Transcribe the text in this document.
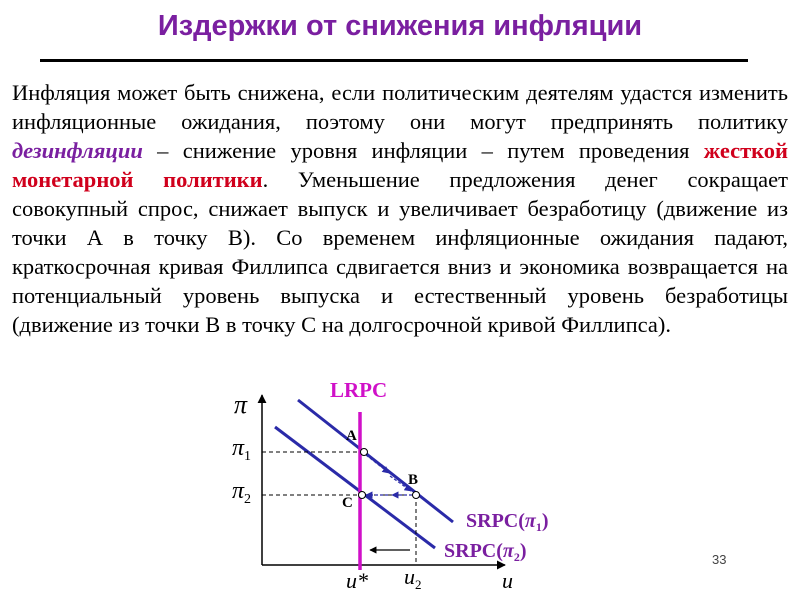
Издержки от снижения инфляции

Инфляция может быть снижена, если политическим деятелям удастся изменить инфляционные ожидания, поэтому они могут предпринять политику дезинфляции – снижение уровня инфляции – путем проведения жесткой монетарной политики. Уменьшение предложения денег сокращает совокупный спрос, снижает выпуск и увеличивает безработицу (движение из точки А в точку В). Со временем инфляционные ожидания падают, краткосрочная кривая Филлипса сдвигается вниз и экономика возвращается на потенциальный уровень выпуска и естественный уровень безработицы (движение из точки В в точку С на долгосрочной кривой Филлипса).

LRPC
π
$\pi_1$
$\pi_2$
A
B
C
$SRPC(\pi_1)$
$SRPC(\pi_2)$
u* $u_2$	u
33
